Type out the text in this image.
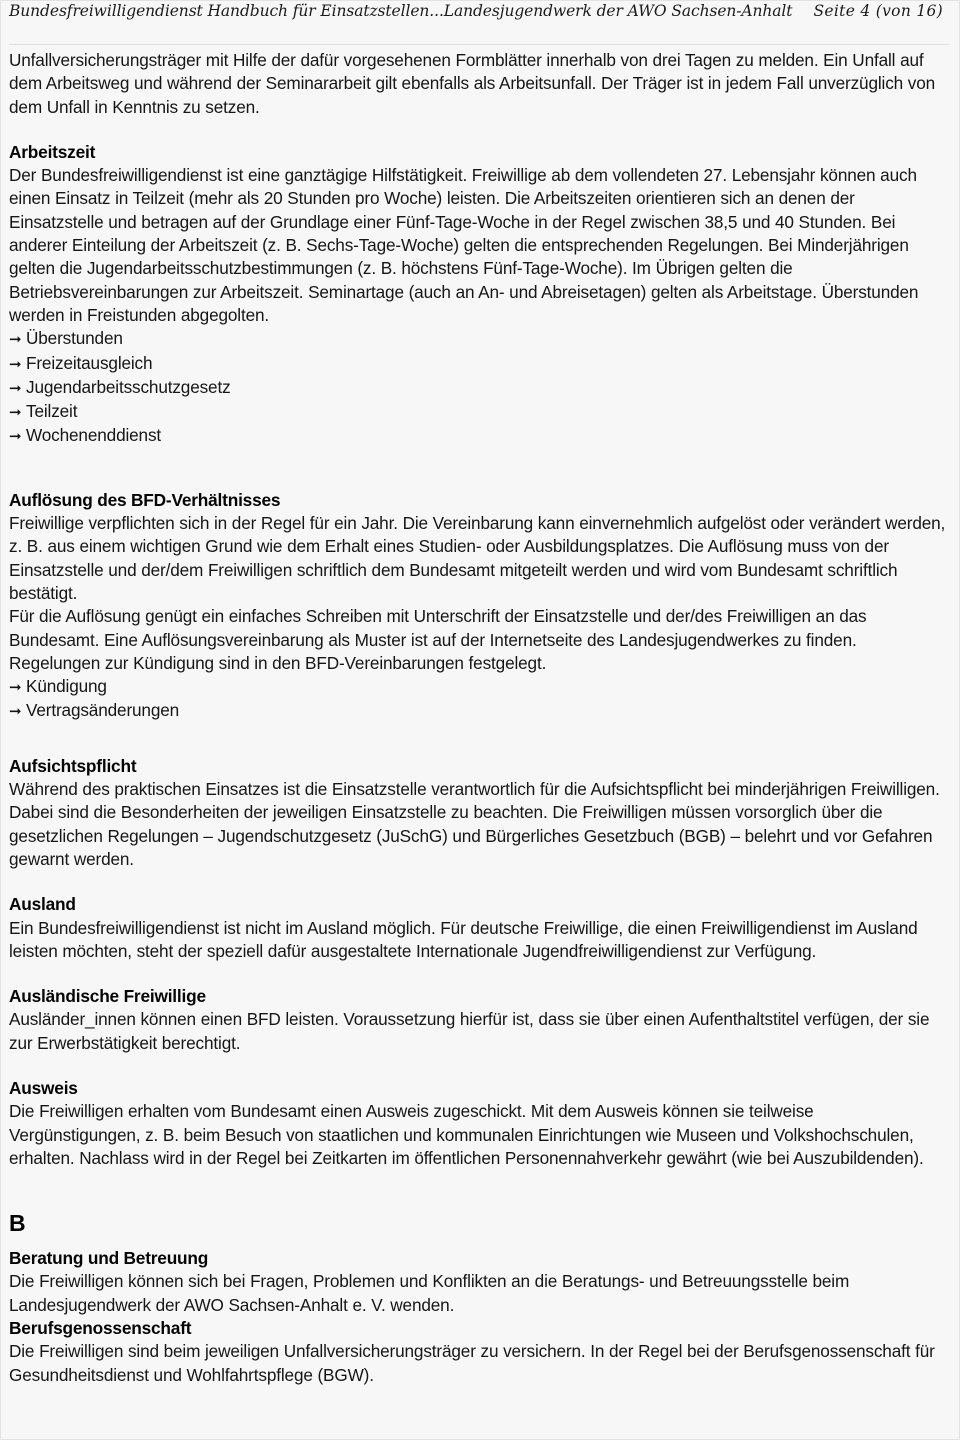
Bundesfreiwilligendienst Handbuch für Einsatzstellen...Landesjugendwerk der AWO Sachsen-Anhalt Seite 4 (von 16)

Unfallversicherungsträger mit Hilfe der dafür vorgesehenen Formblätter innerhalb von drei Tagen zu melden. Ein Unfall auf dem Arbeitsweg und während der Seminararbeit gilt ebenfalls als Arbeitsunfall. Der Träger ist in jedem Fall unverzüglich von dem Unfall in Kenntnis zu setzen.

Arbeitszeit

Der Bundesfreiwilligendienst ist eine ganztägige Hilfstätigkeit. Freiwillige ab dem vollendeten 27. Lebensjahr können auch einen Einsatz in Teilzeit (mehr als 20 Stunden pro Woche) leisten. Die Arbeitszeiten orientieren sich an denen der Einsatzstelle und betragen auf der Grundlage einer Fünf-Tage-Woche in der Regel zwischen 38,5 und 40 Stunden. Bei anderer Einteilung der Arbeitszeit (z. B. Sechs-Tage-Woche) gelten die entsprechenden Regelungen. Bei Minderjährigen gelten die Jugendarbeitsschutzbestimmungen (z. B. höchstens Fünf-Tage-Woche). Im Übrigen gelten die Betriebsvereinbarungen zur Arbeitszeit. Seminartage (auch an An- und Abreisetagen) gelten als Arbeitstage. Überstunden werden in Freistunden abgegolten.

➞ Überstunden
➞ Freizeitausgleich
➞ Jugendarbeitsschutzgesetz
➞ Teilzeit
➞ Wochenenddienst
Auflösung des BFD-Verhältnisses

Freiwillige verpflichten sich in der Regel für ein Jahr. Die Vereinbarung kann einvernehmlich aufgelöst oder verändert werden, z. B. aus einem wichtigen Grund wie dem Erhalt eines Studien- oder Ausbildungsplatzes. Die Auflösung muss von der Einsatzstelle und der/dem Freiwilligen schriftlich dem Bundesamt mitgeteilt werden und wird vom Bundesamt schriftlich bestätigt.

Für die Auflösung genügt ein einfaches Schreiben mit Unterschrift der Einsatzstelle und der/des Freiwilligen an das Bundesamt. Eine Auflösungsvereinbarung als Muster ist auf der Internetseite des Landesjugendwerkes zu finden.

Regelungen zur Kündigung sind in den BFD-Vereinbarungen festgelegt.

➞ Kündigung
➞ Vertragsänderungen
Aufsichtspflicht

Während des praktischen Einsatzes ist die Einsatzstelle verantwortlich für die Aufsichtspflicht bei minderjährigen Freiwilligen. Dabei sind die Besonderheiten der jeweiligen Einsatzstelle zu beachten. Die Freiwilligen müssen vorsorglich über die gesetzlichen Regelungen – Jugendschutzgesetz (JuSchG) und Bürgerliches Gesetzbuch (BGB) – belehrt und vor Gefahren gewarnt werden.

Ausland

Ein Bundesfreiwilligendienst ist nicht im Ausland möglich. Für deutsche Freiwillige, die einen Freiwilligendienst im Ausland leisten möchten, steht der speziell dafür ausgestaltete Internationale Jugendfreiwilligendienst zur Verfügung.

Ausländische Freiwillige

Ausländer_innen können einen BFD leisten. Voraussetzung hierfür ist, dass sie über einen Aufenthaltstitel verfügen, der sie zur Erwerbstätigkeit berechtigt.

Ausweis

Die Freiwilligen erhalten vom Bundesamt einen Ausweis zugeschickt. Mit dem Ausweis können sie teilweise Vergünstigungen, z. B. beim Besuch von staatlichen und kommunalen Einrichtungen wie Museen und Volkshochschulen, erhalten. Nachlass wird in der Regel bei Zeitkarten im öffentlichen Personennahverkehr gewährt (wie bei Auszubildenden).

B
Beratung und Betreuung

Die Freiwilligen können sich bei Fragen, Problemen und Konflikten an die Beratungs- und Betreuungsstelle beim Landesjugendwerk der AWO Sachsen-Anhalt e. V. wenden.

Berufsgenossenschaft

Die Freiwilligen sind beim jeweiligen Unfallversicherungsträger zu versichern. In der Regel bei der Berufsgenossenschaft für Gesundheitsdienst und Wohlfahrtspflege (BGW).
